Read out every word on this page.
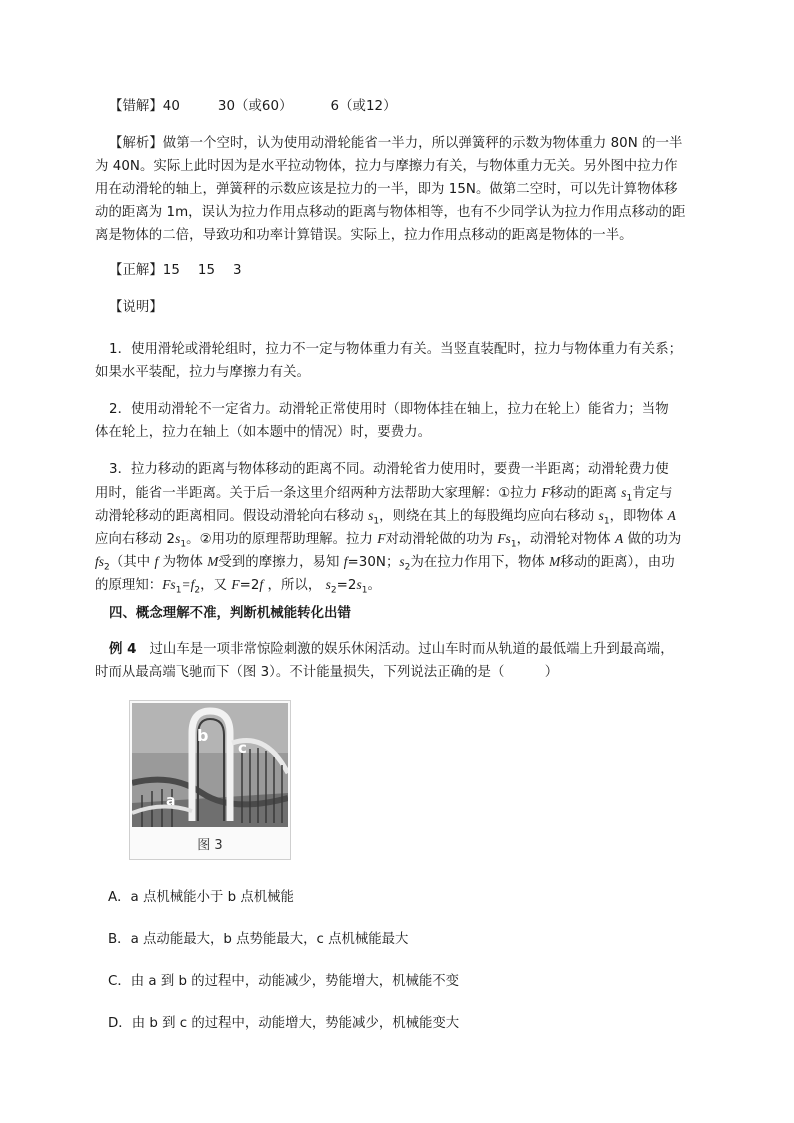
【错解】40	30（或60）	6（或12）
【解析】做第一个空时，认为使用动滑轮能省一半力，所以弹簧秤的示数为物体重力 80N 的一半
为 40N。实际上此时因为是水平拉动物体，拉力与摩擦力有关，与物体重力无关。另外图中拉力作
用在动滑轮的轴上，弹簧秤的示数应该是拉力的一半，即为 15N。做第二空时，可以先计算物体移
动的距离为 1m，误认为拉力作用点移动的距离与物体相等，也有不少同学认为拉力作用点移动的距
离是物体的二倍，导致功和功率计算错误。实际上，拉力作用点移动的距离是物体的一半。
【正解】15 15 3
【说明】
1．使用滑轮或滑轮组时，拉力不一定与物体重力有关。当竖直装配时，拉力与物体重力有关系；
如果水平装配，拉力与摩擦力有关。
2．使用动滑轮不一定省力。动滑轮正常使用时（即物体挂在轴上，拉力在轮上）能省力；当物
体在轮上，拉力在轴上（如本题中的情况）时，要费力。
3．拉力移动的距离与物体移动的距离不同。动滑轮省力使用时，要费一半距离；动滑轮费力使
用时，能省一半距离。关于后一条这里介绍两种方法帮助大家理解：①拉力 F移动的距离 $s_1$肯定与
动滑轮移动的距离相同。假设动滑轮向右移动 $s_1$，则绕在其上的每股绳均应向右移动 $s_1$，即物体 A
应向右移动 $2s_1$。②用功的原理帮助理解。拉力 F对动滑轮做的功为 $Fs_1$，动滑轮对物体 A 做的功为
$fs_2$（其中 f 为物体 M受到的摩擦力，易知 f=30N；$s_2$为在拉力作用下，物体 M移动的距离），由功
的原理知：$Fs_1=f_2$，又 F=2f ，所以， $s_2=2s_1$。
四、概念理解不准，判断机械能转化出错
例 4 过山车是一项非常惊险刺激的娱乐休闲活动。过山车时而从轨道的最低端上升到最高端，
时而从最高端飞驰而下（图 3）。不计能量损失，下列说法正确的是（　　　）
b
c
a
图 3
A．a 点机械能小于 b 点机械能
B．a 点动能最大，b 点势能最大，c 点机械能最大
C．由 a 到 b 的过程中，动能减少，势能增大，机械能不变
D．由 b 到 c 的过程中，动能增大，势能减少，机械能变大
